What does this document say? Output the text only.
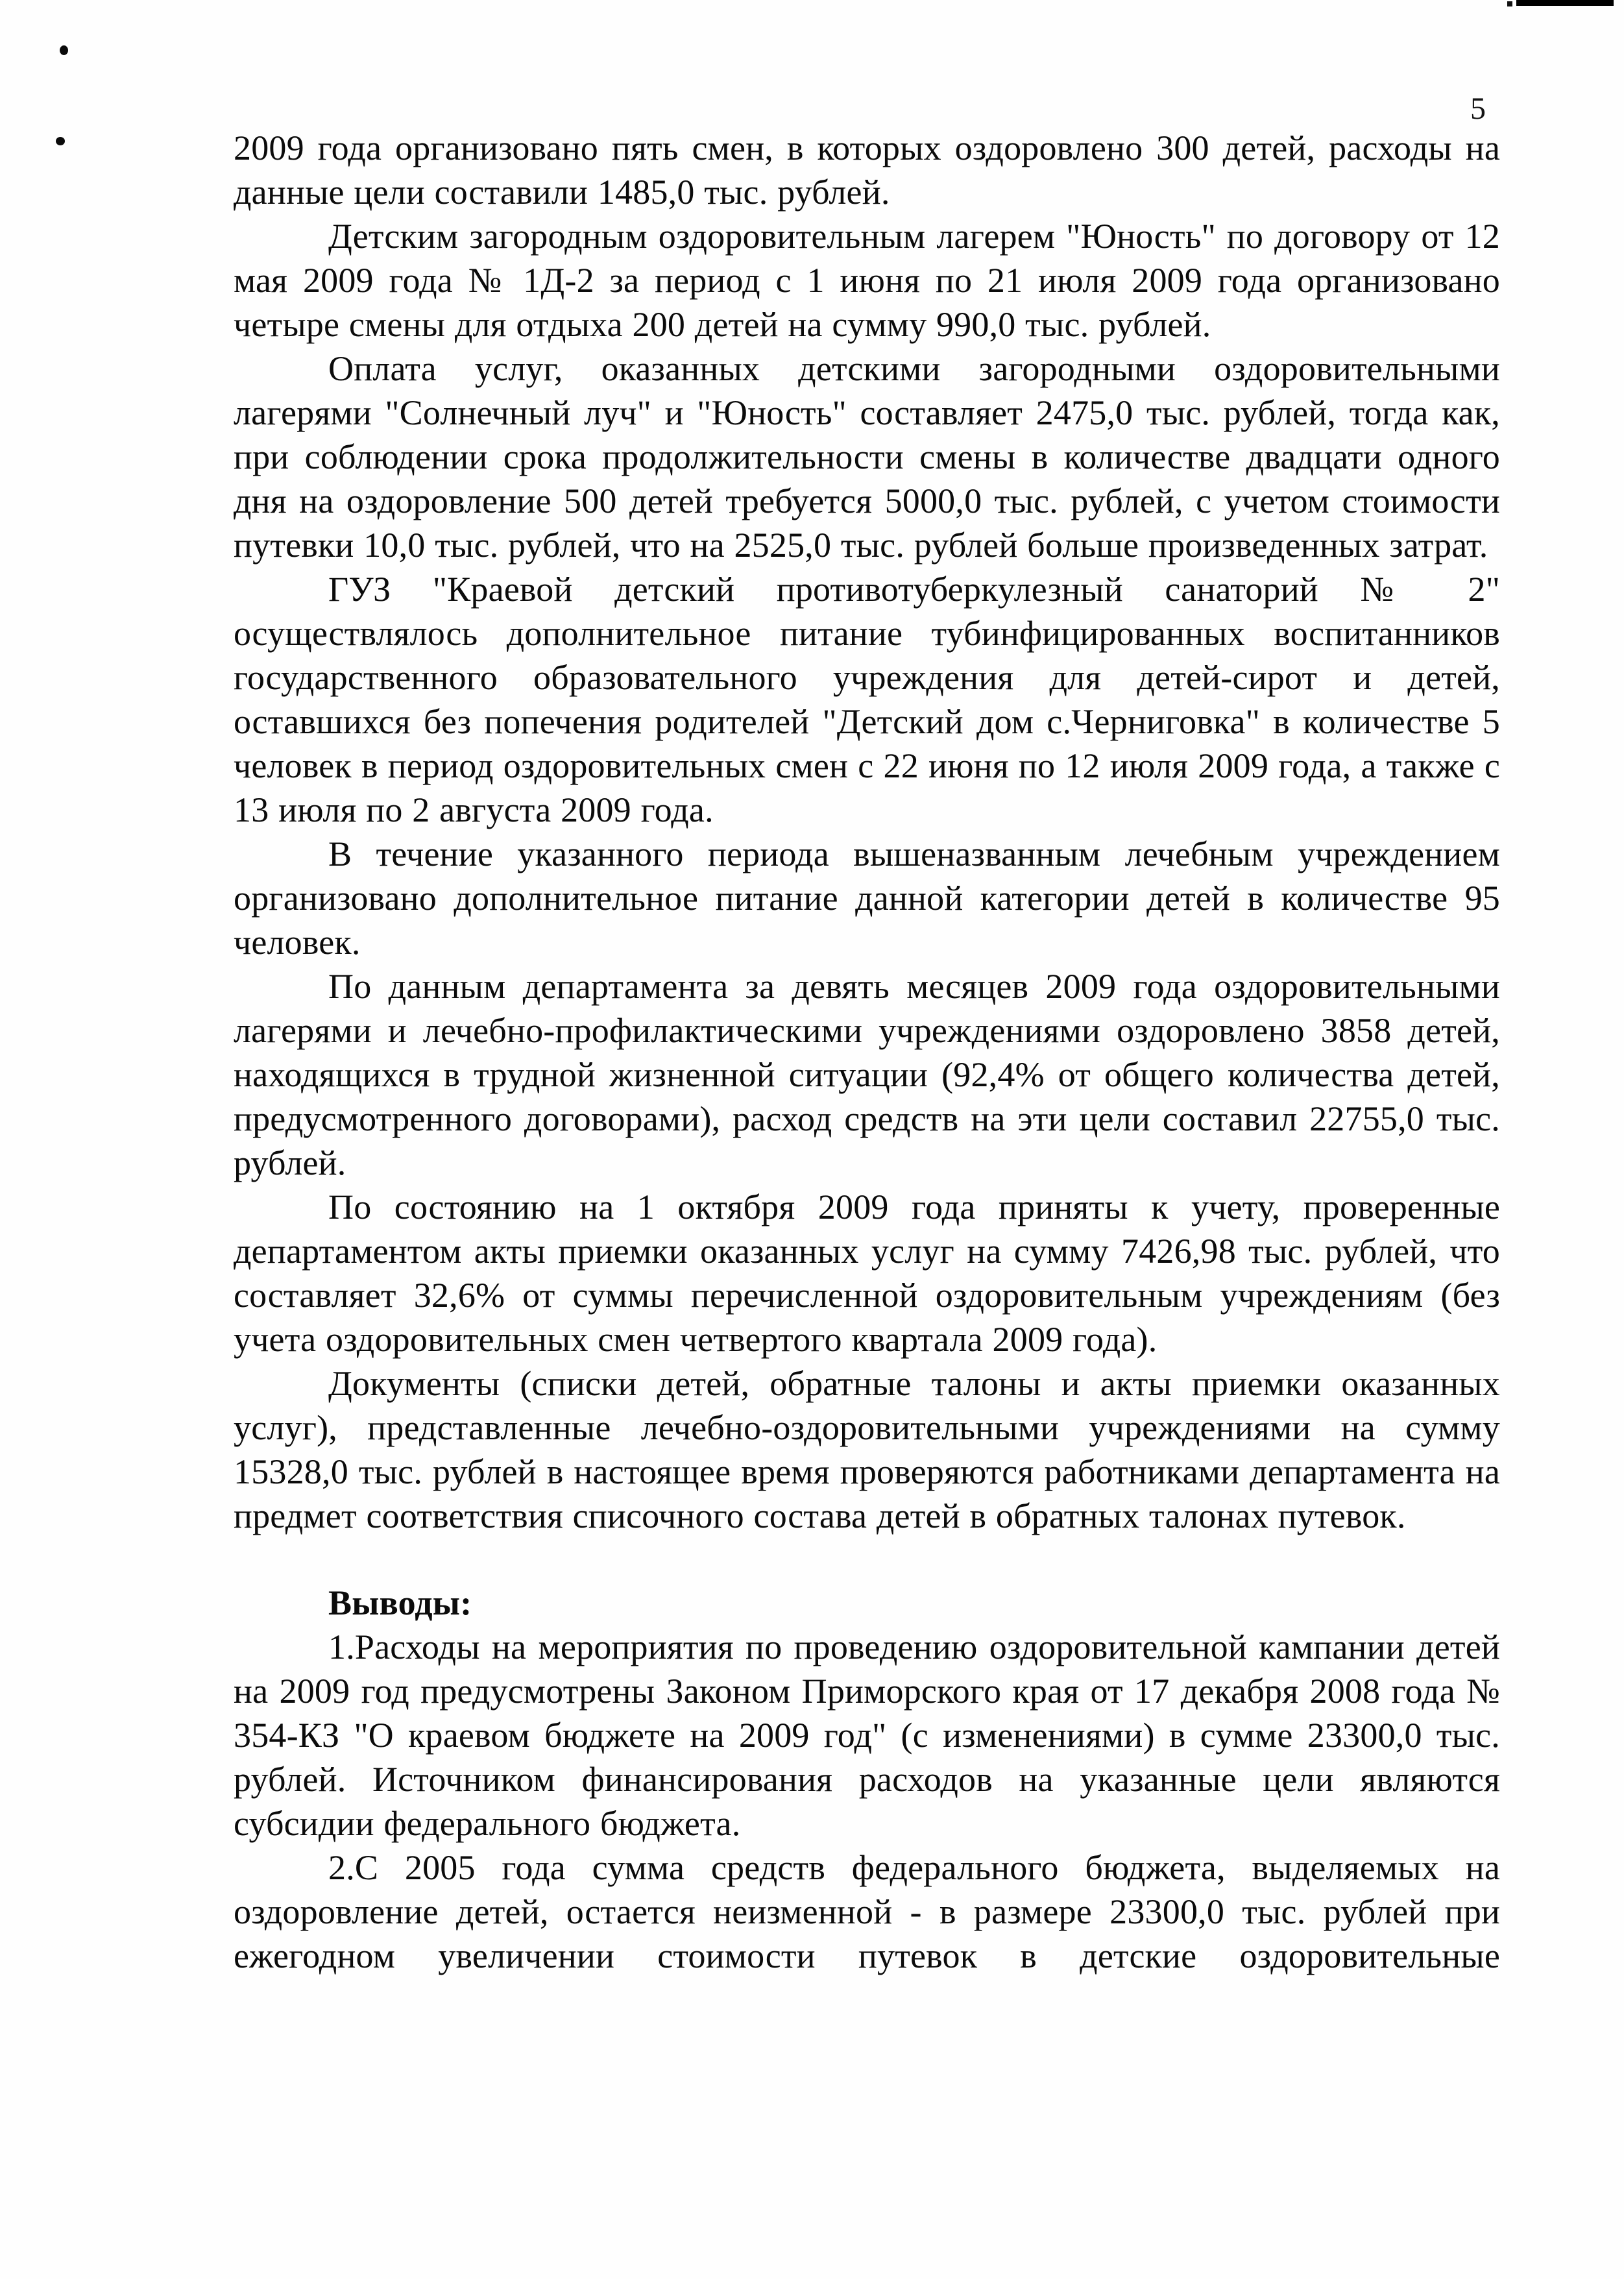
5

2009 года организовано пять смен, в которых оздоровлено 300 детей, расходы на данные цели составили 1485,0 тыс. рублей.

Детским загородным оздоровительным лагерем "Юность" по договору от 12 мая 2009 года № 1Д-2 за период с 1 июня по 21 июля 2009 года организовано четыре смены для отдыха 200 детей на сумму 990,0 тыс. рублей.

Оплата услуг, оказанных детскими загородными оздоровительными лагерями "Солнечный луч" и "Юность" составляет 2475,0 тыс. рублей, тогда как, при соблюдении срока продолжительности смены в количестве двадцати одного дня на оздоровление 500 детей требуется 5000,0 тыс. рублей, с учетом стоимости путевки 10,0 тыс. рублей, что на 2525,0 тыс. рублей больше произведенных затрат.

ГУЗ "Краевой детский противотуберкулезный санаторий № 2" осуществлялось дополнительное питание тубинфицированных воспитанников государственного образовательного учреждения для детей-сирот и детей, оставшихся без попечения родителей "Детский дом с.Черниговка" в количестве 5 человек в период оздоровительных смен с 22 июня по 12 июля 2009 года, а также с 13 июля по 2 августа 2009 года.

В течение указанного периода вышеназванным лечебным учреждением организовано дополнительное питание данной категории детей в количестве 95 человек.

По данным департамента за девять месяцев 2009 года оздоровительными лагерями и лечебно-профилактическими учреждениями оздоровлено 3858 детей, находящихся в трудной жизненной ситуации (92,4% от общего количества детей, предусмотренного договорами), расход средств на эти цели составил 22755,0 тыс. рублей.

По состоянию на 1 октября 2009 года приняты к учету, проверенные департаментом акты приемки оказанных услуг на сумму 7426,98 тыс. рублей, что составляет 32,6% от суммы перечисленной оздоровительным учреждениям (без учета оздоровительных смен четвертого квартала 2009 года).

Документы (списки детей, обратные талоны и акты приемки оказанных услуг), представленные лечебно-оздоровительными учреждениями на сумму 15328,0 тыс. рублей в настоящее время проверяются работниками департамента на предмет соответствия списочного состава детей в обратных талонах путевок.

Выводы:

1.Расходы на мероприятия по проведению оздоровительной кампании детей на 2009 год предусмотрены Законом Приморского края от 17 декабря 2008 года № 354-КЗ "О краевом бюджете на 2009 год" (с изменениями) в сумме 23300,0 тыс. рублей. Источником финансирования расходов на указанные цели являются субсидии федерального бюджета.

2.С 2005 года сумма средств федерального бюджета, выделяемых на оздоровление детей, остается неизменной - в размере 23300,0 тыс. рублей при ежегодном увеличении стоимости путевок в детские оздоровительные
